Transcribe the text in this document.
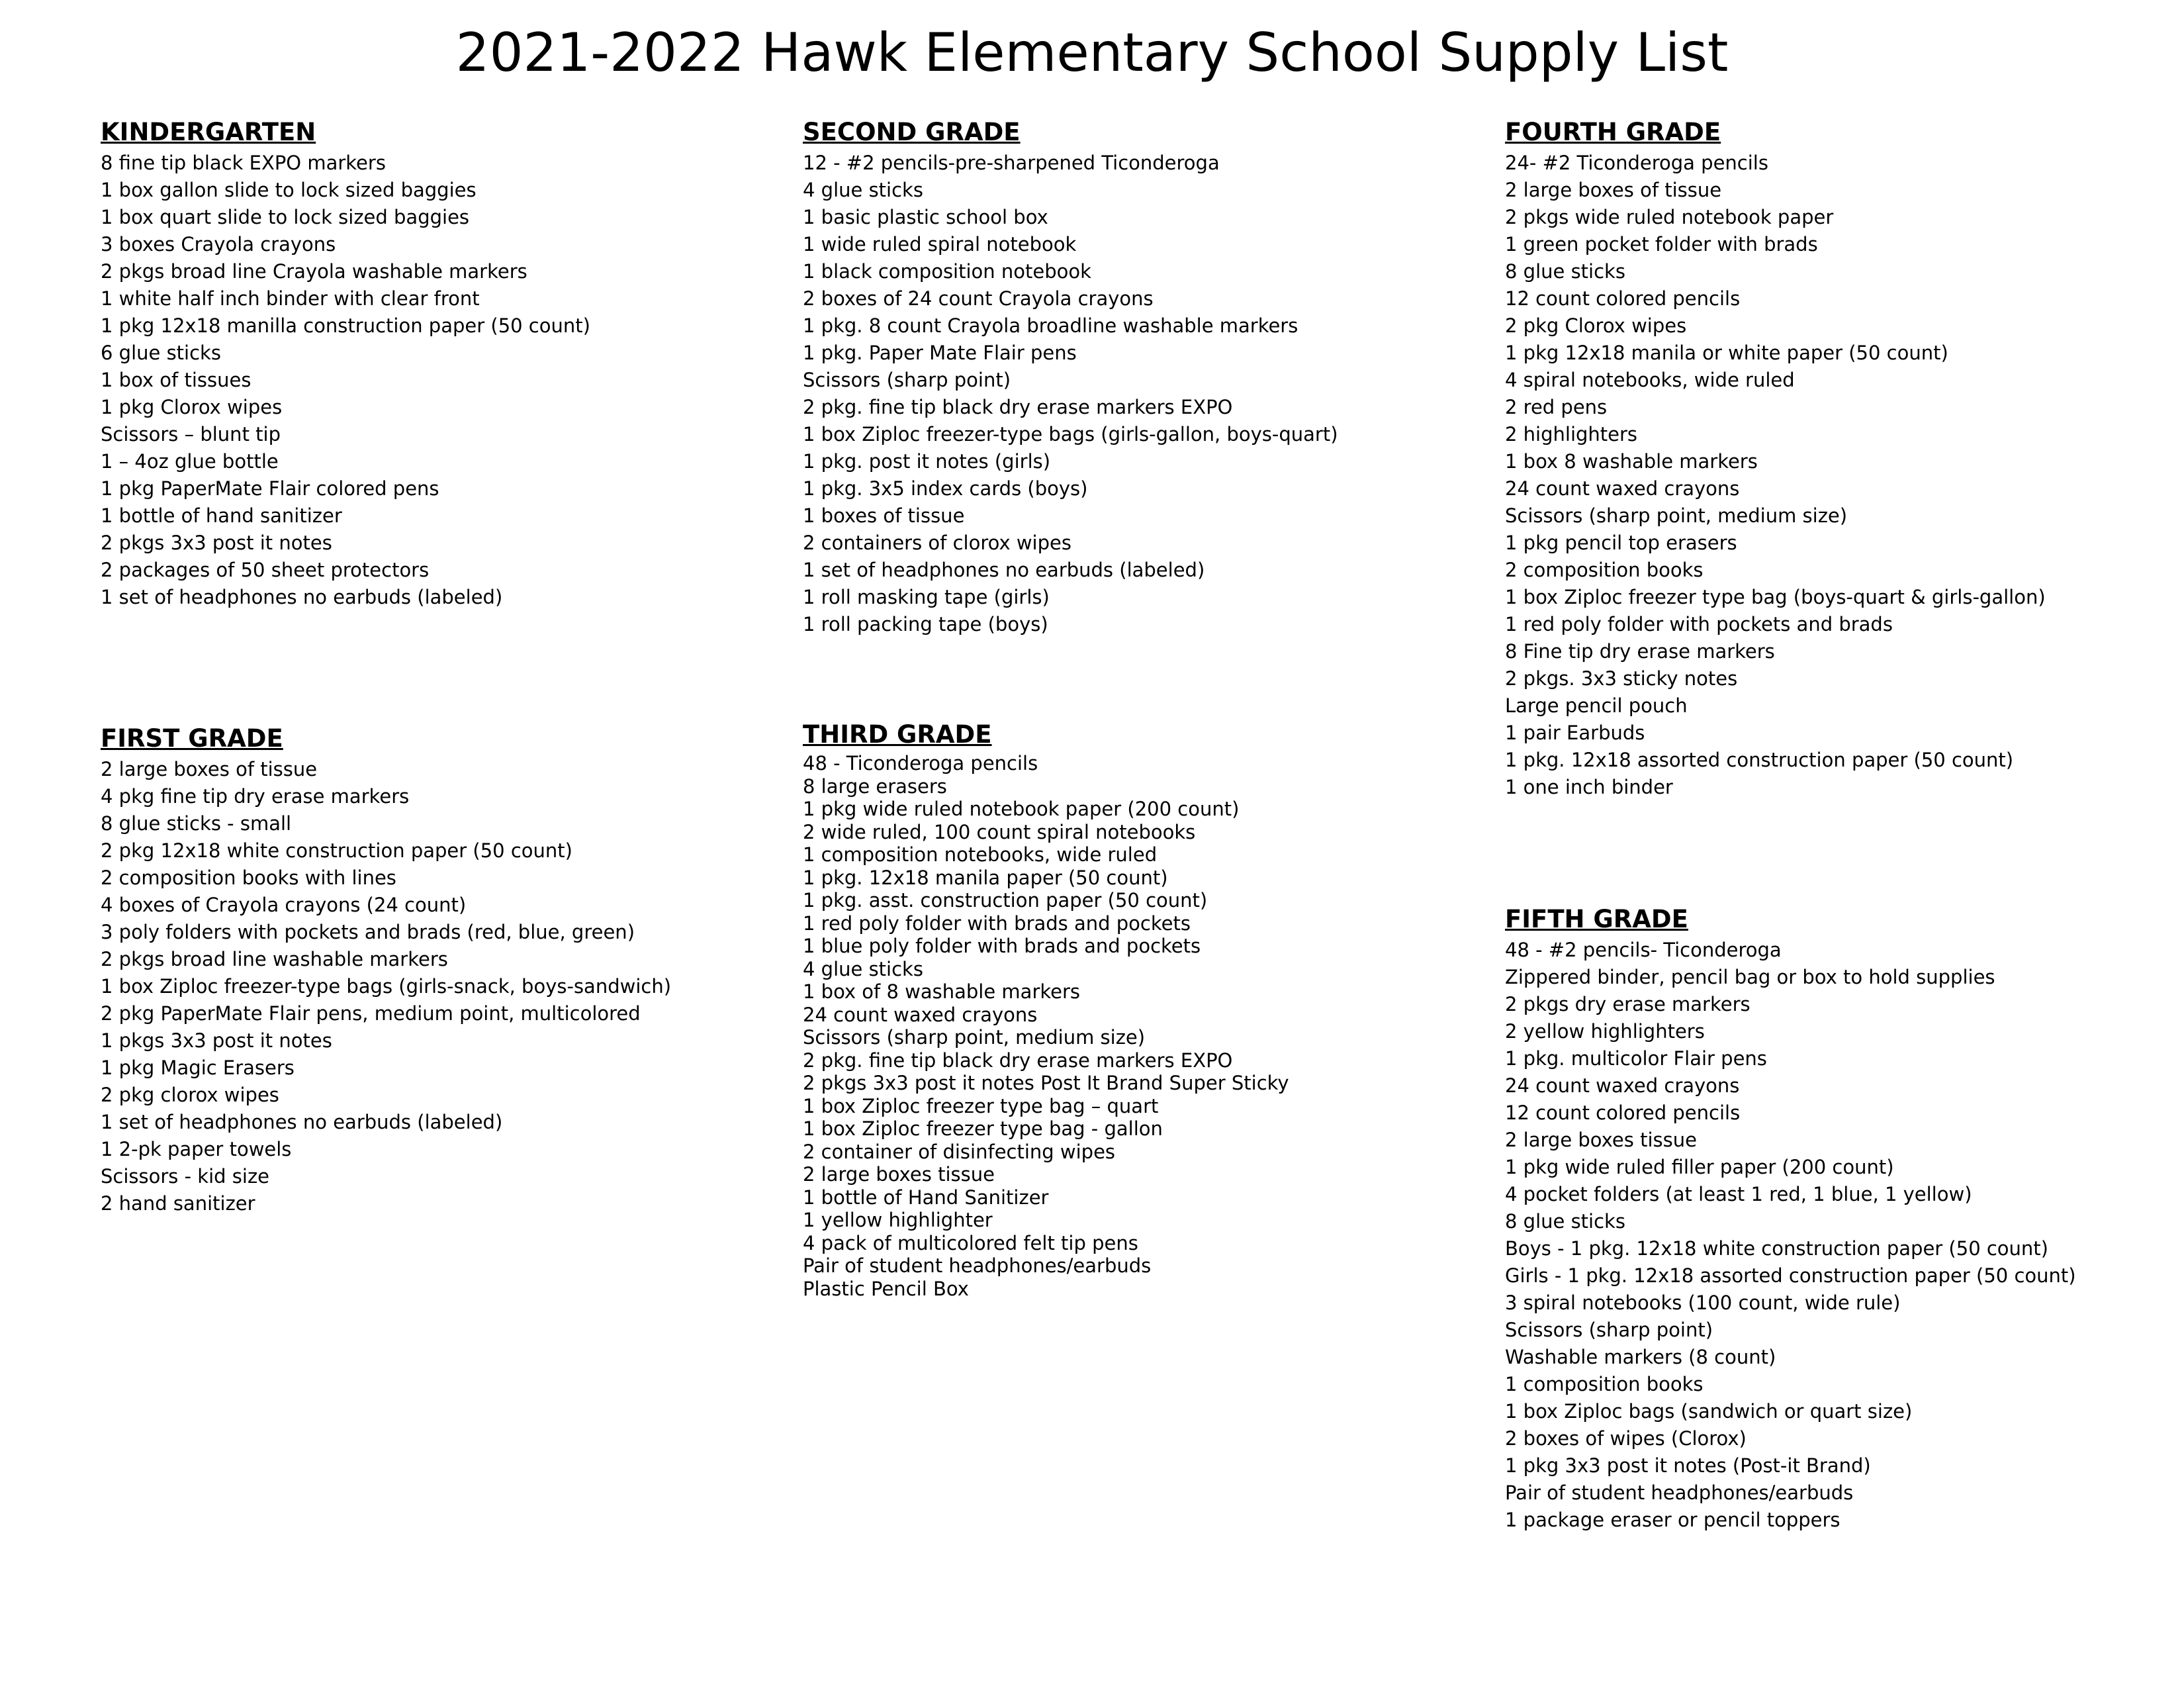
2021-2022 Hawk Elementary School Supply List
KINDERGARTEN
8 fine tip black EXPO markers
1 box gallon slide to lock sized baggies
1 box quart slide to lock sized baggies
3 boxes Crayola crayons
2 pkgs broad line Crayola washable markers
1 white half inch binder with clear front
1 pkg 12x18 manilla construction paper (50 count)
6 glue sticks
1 box of tissues
1 pkg Clorox wipes
Scissors – blunt tip
1 – 4oz glue bottle
1 pkg PaperMate Flair colored pens
1 bottle of hand sanitizer
2 pkgs 3x3 post it notes
2 packages of 50 sheet protectors
1 set of headphones no earbuds (labeled)
FIRST GRADE
2 large boxes of tissue
4 pkg fine tip dry erase markers
8 glue sticks - small
2 pkg 12x18 white construction paper (50 count)
2 composition books with lines
4 boxes of Crayola crayons (24 count)
3 poly folders with pockets and brads (red, blue, green)
2 pkgs broad line washable markers
1 box Ziploc freezer-type bags (girls-snack, boys-sandwich)
2 pkg PaperMate Flair pens, medium point, multicolored
1 pkgs 3x3 post it notes
1 pkg Magic Erasers
2 pkg clorox wipes
1 set of headphones no earbuds (labeled)
1 2-pk paper towels
Scissors - kid size
2 hand sanitizer
SECOND GRADE
12 - #2 pencils-pre-sharpened Ticonderoga
4 glue sticks
1 basic plastic school box
1 wide ruled spiral notebook
1 black composition notebook
2 boxes of 24 count Crayola crayons
1 pkg. 8 count Crayola broadline washable markers
1 pkg. Paper Mate Flair pens
Scissors (sharp point)
2 pkg. fine tip black dry erase markers EXPO
1 box Ziploc freezer-type bags (girls-gallon, boys-quart)
1 pkg. post it notes (girls)
1 pkg. 3x5 index cards (boys)
1 boxes of tissue
2 containers of clorox wipes
1 set of headphones no earbuds (labeled)
1 roll masking tape (girls)
1 roll packing tape (boys)
THIRD GRADE
48 - Ticonderoga pencils
8 large erasers
1 pkg wide ruled notebook paper (200 count)
2 wide ruled, 100 count spiral notebooks
1 composition notebooks, wide ruled
1 pkg. 12x18 manila paper (50 count)
1 pkg. asst. construction paper (50 count)
1 red poly folder with brads and pockets
1 blue poly folder with brads and pockets
4 glue sticks
1 box of 8 washable markers
24 count waxed crayons
Scissors (sharp point, medium size)
2 pkg. fine tip black dry erase markers EXPO
2 pkgs 3x3 post it notes Post It Brand Super Sticky
1 box Ziploc freezer type bag – quart
1 box Ziploc freezer type bag - gallon
2 container of disinfecting wipes
2 large boxes tissue
1 bottle of Hand Sanitizer
1 yellow highlighter
4 pack of multicolored felt tip pens
Pair of student headphones/earbuds
Plastic Pencil Box
FOURTH GRADE
24- #2 Ticonderoga pencils
2 large boxes of tissue
2 pkgs wide ruled notebook paper
1 green pocket folder with brads
8 glue sticks
12 count colored pencils
2 pkg Clorox wipes
1 pkg 12x18 manila or white paper (50 count)
4 spiral notebooks, wide ruled
2 red pens
2 highlighters
1 box 8 washable markers
24 count waxed crayons
Scissors (sharp point, medium size)
1 pkg pencil top erasers
2 composition books
1 box Ziploc freezer type bag (boys-quart & girls-gallon)
1 red poly folder with pockets and brads
8 Fine tip dry erase markers
2 pkgs. 3x3 sticky notes
Large pencil pouch
1 pair Earbuds
1 pkg. 12x18 assorted construction paper (50 count)
1 one inch binder
FIFTH GRADE
48 - #2 pencils- Ticonderoga
Zippered binder, pencil bag or box to hold supplies
2 pkgs dry erase markers
2 yellow highlighters
1 pkg. multicolor Flair pens
24 count waxed crayons
12 count colored pencils
2 large boxes tissue
1 pkg wide ruled filler paper (200 count)
4 pocket folders (at least 1 red, 1 blue, 1 yellow)
8 glue sticks
Boys - 1 pkg. 12x18 white construction paper (50 count)
Girls - 1 pkg. 12x18 assorted construction paper (50 count)
3 spiral notebooks (100 count, wide rule)
Scissors (sharp point)
Washable markers (8 count)
1 composition books
1 box Ziploc bags (sandwich or quart size)
2 boxes of wipes (Clorox)
1 pkg 3x3 post it notes (Post-it Brand)
Pair of student headphones/earbuds
1 package eraser or pencil toppers
